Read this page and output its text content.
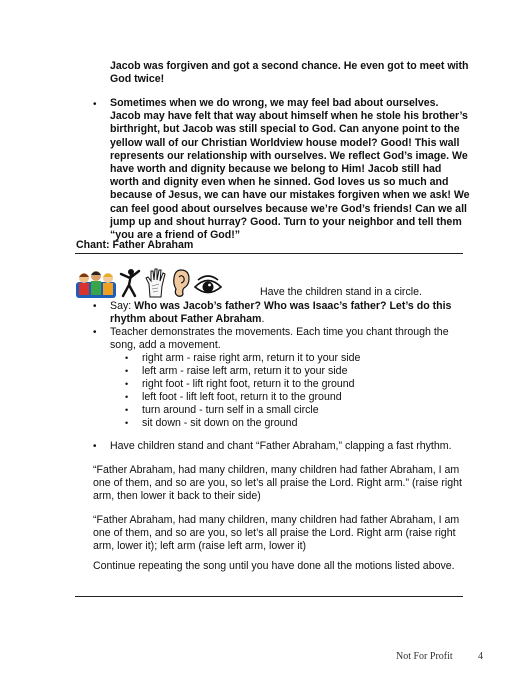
Jacob was forgiven and got a second chance. He even got to meet with God twice!
• Sometimes when we do wrong, we may feel bad about ourselves. Jacob may have felt that way about himself when he stole his brother’s birthright, but Jacob was still special to God. Can anyone point to the yellow wall of our Christian Worldview house model? Good! This wall represents our relationship with ourselves. We reflect God’s image. We have worth and dignity because we belong to Him! Jacob still had worth and dignity even when he sinned. God loves us so much and because of Jesus, we can have our mistakes forgiven when we ask! We can feel good about ourselves because we’re God’s friends! Can we all jump up and shout hurray? Good. Turn to your neighbor and tell them “you are a friend of God!”
Chant: Father Abraham
Have the children stand in a circle.
• Say: Who was Jacob’s father? Who was Isaac’s father? Let’s do this rhythm about Father Abraham.
• Teacher demonstrates the movements. Each time you chant through the song, add a movement.
• right arm - raise right arm, return it to your side
• left arm - raise left arm, return it to your side
• right foot - lift right foot, return it to the ground
• left foot - lift left foot, return it to the ground
• turn around - turn self in a small circle
• sit down - sit down on the ground
• Have children stand and chant “Father Abraham,” clapping a fast rhythm.
“Father Abraham, had many children, many children had father Abraham, I am one of them, and so are you, so let’s all praise the Lord. Right arm.” (raise right arm, then lower it back to their side)
“Father Abraham, had many children, many children had father Abraham, I am one of them, and so are you, so let’s all praise the Lord. Right arm (raise right arm, lower it); left arm (raise left arm, lower it)
Continue repeating the song until you have done all the motions listed above.
Not For Profit	4
